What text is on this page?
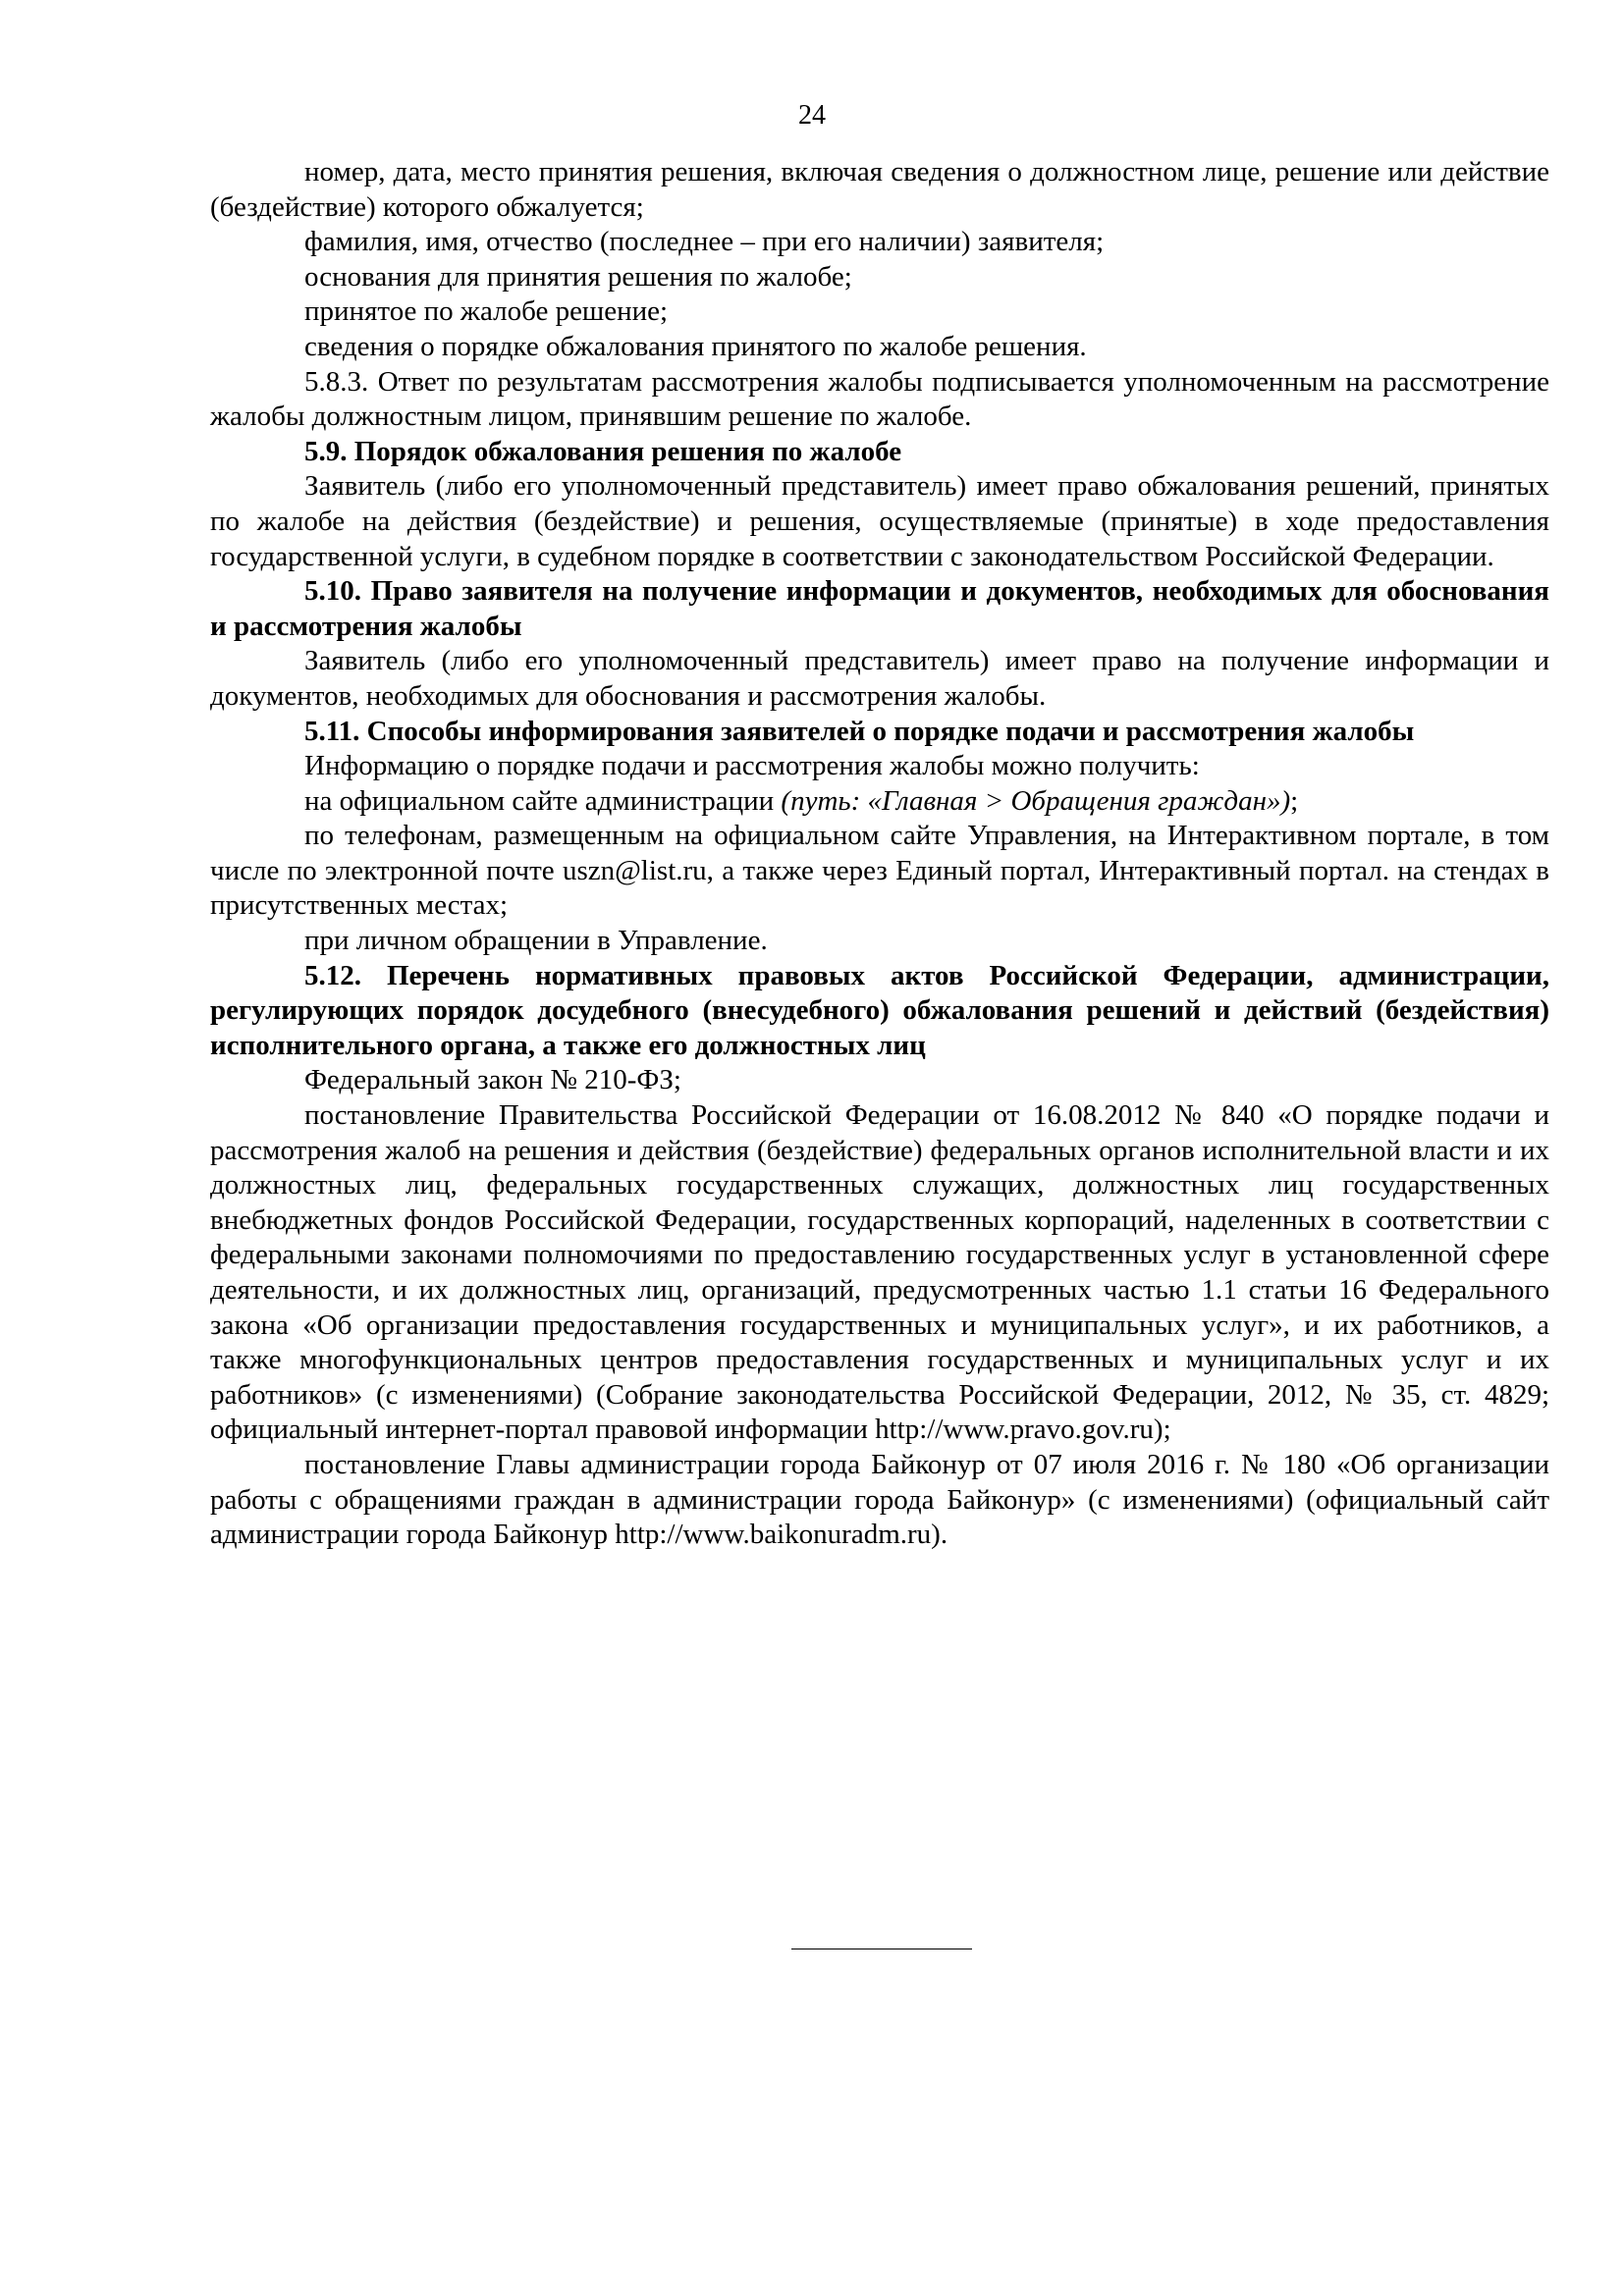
24

номер, дата, место принятия решения, включая сведения о должностном лице, решение или действие (бездействие) которого обжалуется;

фамилия, имя, отчество (последнее – при его наличии) заявителя;

основания для принятия решения по жалобе;

принятое по жалобе решение;

сведения о порядке обжалования принятого по жалобе решения.

5.8.3. Ответ по результатам рассмотрения жалобы подписывается уполномоченным на рассмотрение жалобы должностным лицом, принявшим решение по жалобе.

5.9. Порядок обжалования решения по жалобе

Заявитель (либо его уполномоченный представитель) имеет право обжалования решений, принятых по жалобе на действия (бездействие) и решения, осуществляемые (принятые) в ходе предоставления государственной услуги, в судебном порядке в соответствии с законодательством Российской Федерации.

5.10. Право заявителя на получение информации и документов, необходимых для обоснования и рассмотрения жалобы

Заявитель (либо его уполномоченный представитель) имеет право на получение информации и документов, необходимых для обоснования и рассмотрения жалобы.

5.11. Способы информирования заявителей о порядке подачи и рассмотрения жалобы

Информацию о порядке подачи и рассмотрения жалобы можно получить:

на официальном сайте администрации (путь: «Главная > Обращения граждан»);

по телефонам, размещенным на официальном сайте Управления, на Интерактивном портале, в том числе по электронной почте uszn@list.ru, а также через Единый портал, Интерактивный портал. на стендах в присутственных местах;

при личном обращении в Управление.

5.12. Перечень нормативных правовых актов Российской Федерации, администрации, регулирующих порядок досудебного (внесудебного) обжалования решений и действий (бездействия) исполнительного органа, а также его должностных лиц

Федеральный закон № 210-ФЗ;

постановление Правительства Российской Федерации от 16.08.2012 № 840 «О порядке подачи и рассмотрения жалоб на решения и действия (бездействие) федеральных органов исполнительной власти и их должностных лиц, федеральных государственных служащих, должностных лиц государственных внебюджетных фондов Российской Федерации, государственных корпораций, наделенных в соответствии с федеральными законами полномочиями по предоставлению государственных услуг в установленной сфере деятельности, и их должностных лиц, организаций, предусмотренных частью 1.1 статьи 16 Федерального закона «Об организации предоставления государственных и муниципальных услуг», и их работников, а также многофункциональных центров предоставления государственных и муниципальных услуг и их работников» (с изменениями) (Собрание законодательства Российской Федерации, 2012, № 35, ст. 4829; официальный интернет-портал правовой информации http://www.pravo.gov.ru);

постановление Главы администрации города Байконур от 07 июля 2016 г. № 180 «Об организации работы с обращениями граждан в администрации города Байконур» (с изменениями) (официальный сайт администрации города Байконур http://www.baikonuradm.ru).
